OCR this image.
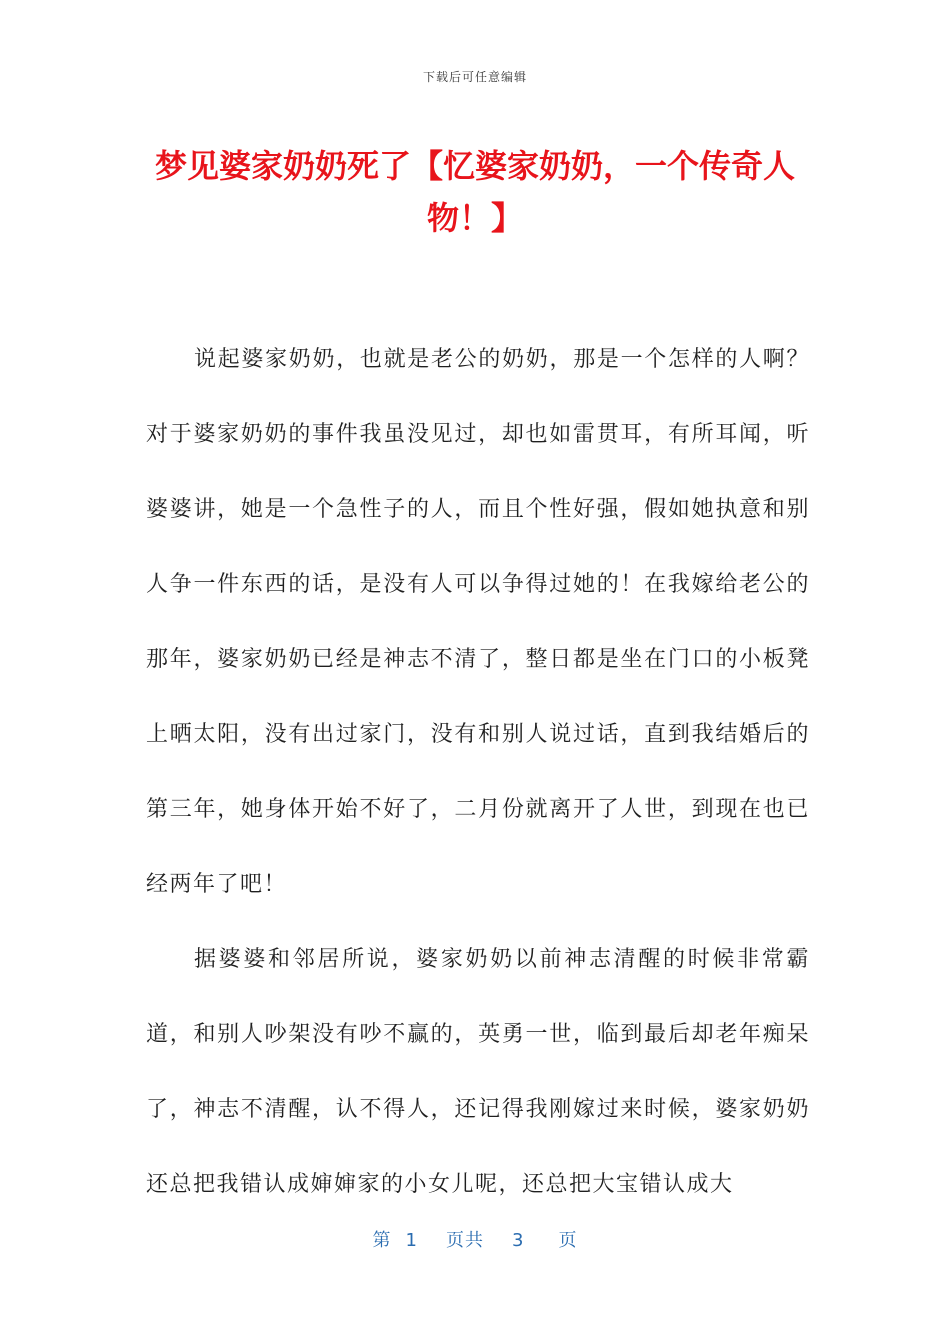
下载后可任意编辑
梦见婆家奶奶死了【忆婆家奶奶，一个传奇人物！】

说起婆家奶奶，也就是老公的奶奶，那是一个怎样的人啊？对于婆家奶奶的事件我虽没见过，却也如雷贯耳，有所耳闻，听婆婆讲，她是一个急性子的人，而且个性好强，假如她执意和别人争一件东西的话，是没有人可以争得过她的！在我嫁给老公的那年，婆家奶奶已经是神志不清了，整日都是坐在门口的小板凳上晒太阳，没有出过家门，没有和别人说过话，直到我结婚后的第三年，她身体开始不好了，二月份就离开了人世，到现在也已经两年了吧！

据婆婆和邻居所说，婆家奶奶以前神志清醒的时候非常霸道，和别人吵架没有吵不赢的，英勇一世，临到最后却老年痴呆了，神志不清醒，认不得人，还记得我刚嫁过来时候，婆家奶奶还总把我错认成婶婶家的小女儿呢，还总把大宝错认成大

第 1 页共 3 页
